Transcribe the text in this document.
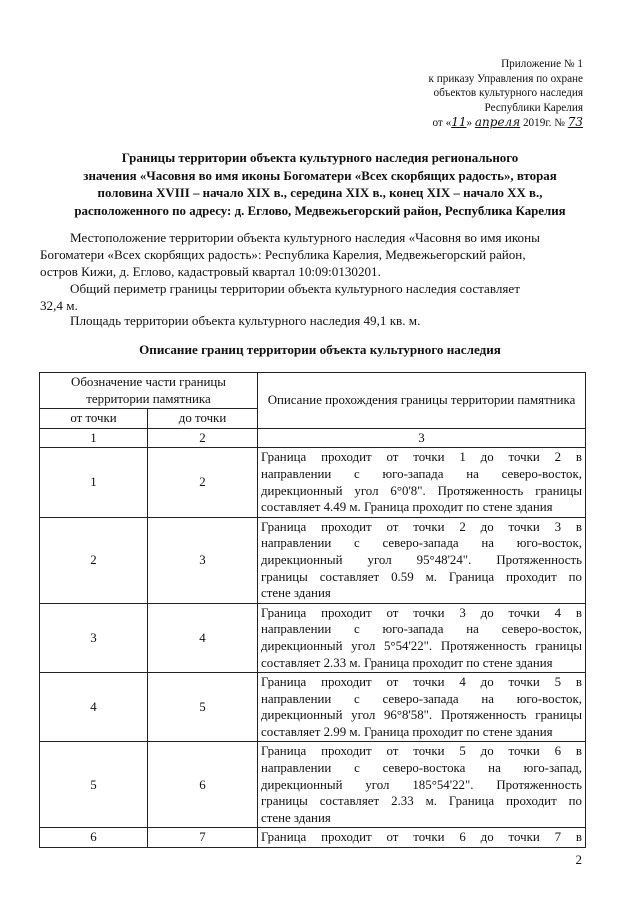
Приложение № 1
к приказу Управления по охране
объектов культурного наследия
Республики Карелия
от «11» апреля 2019г. № 73
Границы территории объекта культурного наследия регионального
значения «Часовня во имя иконы Богоматери «Всех скорбящих радость», вторая
половина XVIII – начало XIX в., середина XIX в., конец XIX – начало XX в.,
расположенного по адресу: д. Еглово, Медвежьегорский район, Республика Карелия
Местоположение территории объекта культурного наследия «Часовня во имя иконы
Богоматери «Всех скорбящих радость»: Республика Карелия, Медвежьегорский район,
остров Кижи, д. Еглово, кадастровый квартал 10:09:0130201.
Общий периметр границы территории объекта культурного наследия составляет
32,4 м.
Площадь территории объекта культурного наследия 49,1 кв. м.
Описание границ территории объекта культурного наследия
Обозначение части границы территории памятника		Описание прохождения границы территории памятника
от точки	до точки	
1	2	3
1	2	Граница проходит от точки 1 до точки 2 в
направлении с юго-запада на северо-восток,
дирекционный угол 6°0'8". Протяженность границы
составляет 4.49 м. Граница проходит по стене здания

2	3	Граница проходит от точки 2 до точки 3 в
направлении с северо-запада на юго-восток,
дирекционный угол 95°48'24". Протяженность
границы составляет 0.59 м. Граница проходит по
стене здания

3	4	Граница проходит от точки 3 до точки 4 в
направлении с юго-запада на северо-восток,
дирекционный угол 5°54'22". Протяженность границы
составляет 2.33 м. Граница проходит по стене здания

4	5	Граница проходит от точки 4 до точки 5 в
направлении с северо-запада на юго-восток,
дирекционный угол 96°8'58". Протяженность границы
составляет 2.99 м. Граница проходит по стене здания

5	6	Граница проходит от точки 5 до точки 6 в
направлении с северо-востока на юго-запад,
дирекционный угол 185°54'22". Протяженность
границы составляет 2.33 м. Граница проходит по
стене здания

6	7	Граница проходит от точки 6 до точки 7 в
2
